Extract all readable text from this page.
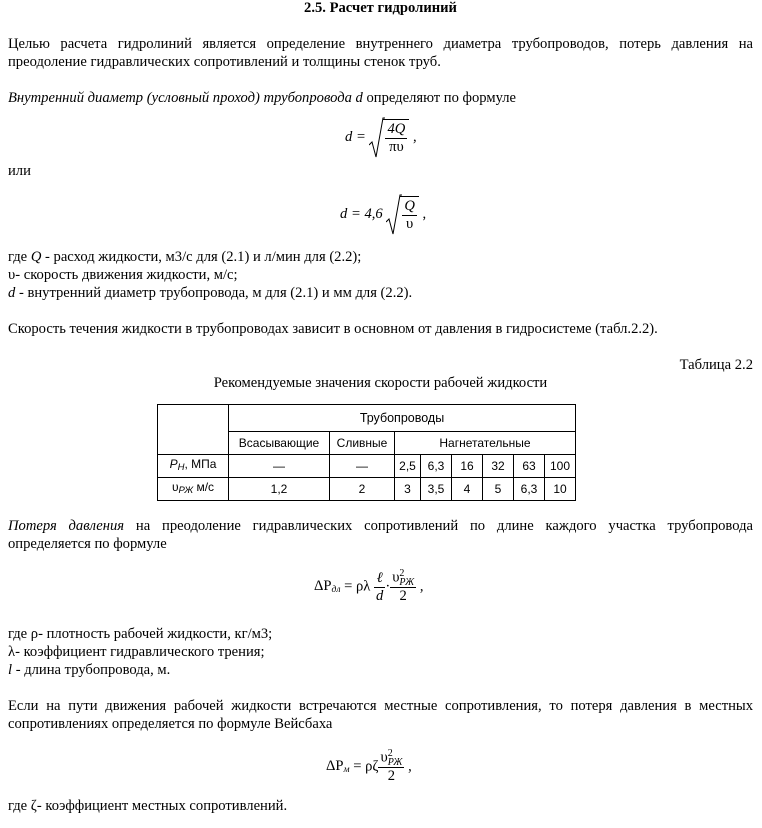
2.5. Расчет гидролиний

Целью расчета гидролиний является определение внутреннего диаметра трубопроводов, потерь давления на преодоление гидравлических сопротивлений и толщины стенок труб.

Внутренний диаметр (условный проход) трубопровода d определяют по формуле

$d = \frac{4Q}{\pi\upsilon}$ ,

или

$d = 4,6 \frac{Q}{\upsilon}$ ,

где Q - расход жидкости, м3/с для (2.1) и л/мин для (2.2);

υ- скорость движения жидкости, м/с;

d - внутренний диаметр трубопровода, м для (2.1) и мм для (2.2).

Скорость течения жидкости в трубопроводах зависит в основном от давления в гидросистеме (табл.2.2).

Таблица 2.2

Рекомендуемые значения скорости рабочей жидкости

	Трубопроводы							
	Всасывающие	Сливные	Нагнетательные					
$P_H$, МПа	—	—	2,5	6,3	16	32	63	100
$\upsilon_{РЖ}$ м/с	1,2	2	3	3,5	4	5	6,3	10

Потеря давления на преодоление гидравлических сопротивлений по длине каждого участка трубопровода определяется по формуле

$\Delta P_{дл} = \rho\lambda \frac{\text{ℓ}}{d} \cdot \upsilon$ 2
РЖ
2 ,

где ρ- плотность рабочей жидкости, кг/м3;

λ- коэффициент гидравлического трения;

l - длина трубопровода, м.

Если на пути движения рабочей жидкости встречаются местные сопротивления, то потеря давления в местных сопротивлениях определяется по формуле Вейсбаха

$\Delta P_м = \rho\zeta$ υ 2
РЖ
2 ,

где ζ- коэффициент местных сопротивлений.
